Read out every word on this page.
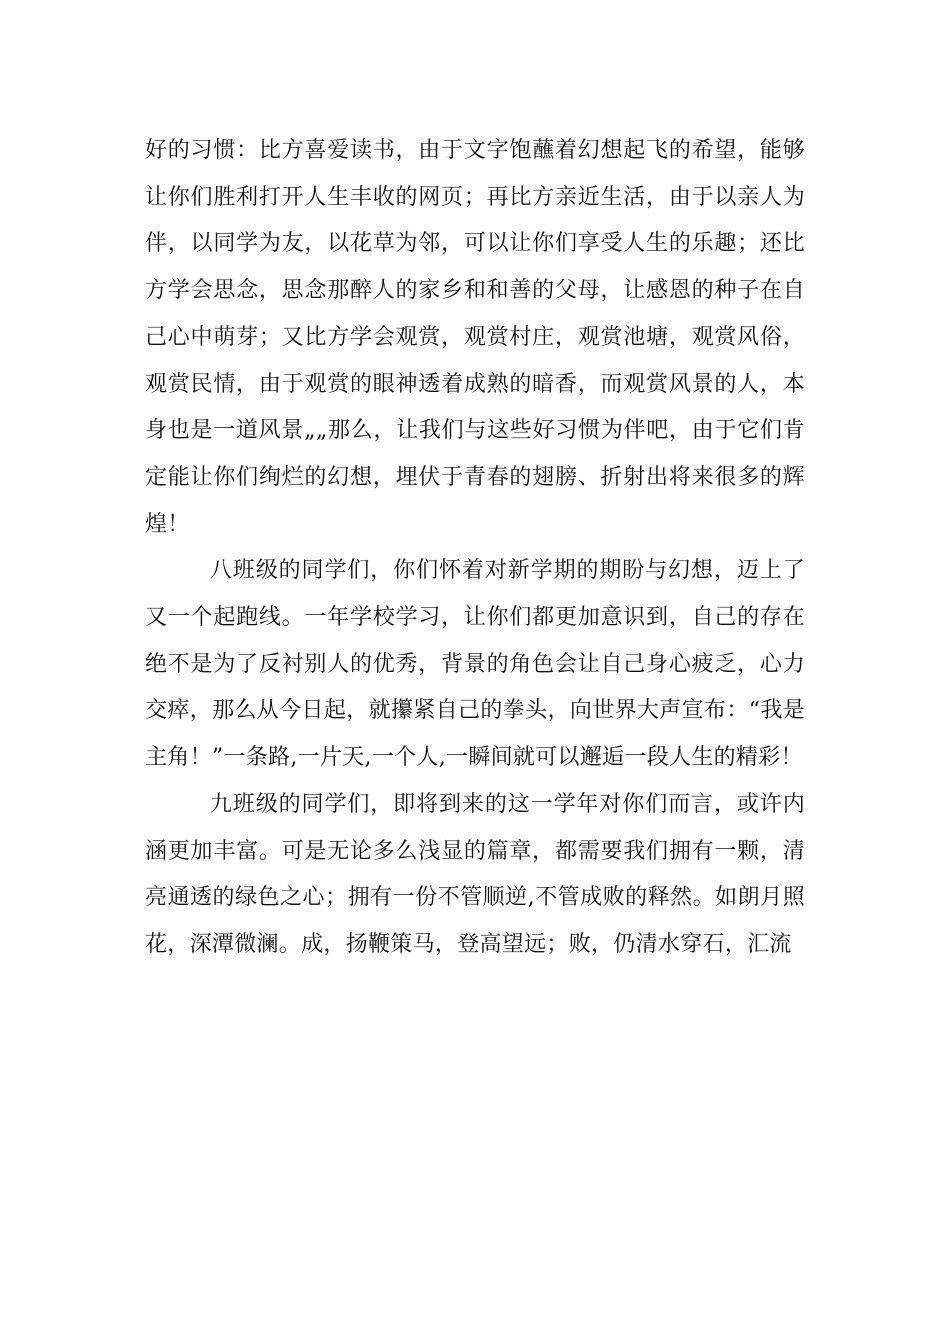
好的习惯：比方喜爱读书，由于文字饱蘸着幻想起飞的希望，能够让你们胜利打开人生丰收的网页；再比方亲近生活，由于以亲人为伴，以同学为友，以花草为邻，可以让你们享受人生的乐趣；还比方学会思念，思念那醉人的家乡和和善的父母，让感恩的种子在自己心中萌芽；又比方学会观赏，观赏村庄，观赏池塘，观赏风俗，观赏民情，由于观赏的眼神透着成熟的暗香，而观赏风景的人，本身也是一道风景„„那么，让我们与这些好习惯为伴吧，由于它们肯定能让你们绚烂的幻想，埋伏于青春的翅膀、折射出将来很多的辉煌！

八班级的同学们，你们怀着对新学期的期盼与幻想，迈上了又一个起跑线。一年学校学习，让你们都更加意识到，自己的存在绝不是为了反衬别人的优秀，背景的角色会让自己身心疲乏，心力交瘁，那么从今日起，就攥紧自己的拳头，向世界大声宣布：“我是主角！”一条路,一片天,一个人,一瞬间就可以邂逅一段人生的精彩！

九班级的同学们，即将到来的这一学年对你们而言，或许内涵更加丰富。可是无论多么浅显的篇章，都需要我们拥有一颗，清亮通透的绿色之心；拥有一份不管顺逆,不管成败的释然。如朗月照花，深潭微澜。成，扬鞭策马，登高望远；败，仍清水穿石，汇流
